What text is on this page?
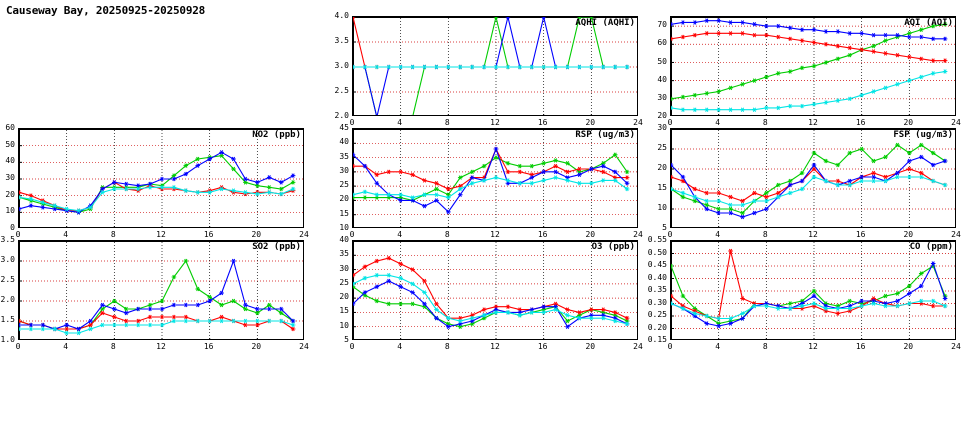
Causeway Bay, 20250925-20250928
AQHI (AQHI)
0	4	8	12	16	20	24
2.0
2.5
3.0
3.5
4.0
AQI (AQI)
0	4	8	12	16	20	24
20
30
40
50
60
70
NO2 (ppb)
0	4	8	12	16	20	24
0
10
20
30
40
50
60
RSP (ug/m3)
0	4	8	12	16	20	24
10
15
20
25
30
35
40
45
FSP (ug/m3)
0	4	8	12	16	20	24
5
10
15
20
25
30
SO2 (ppb)
0	4	8	12	16	20	24
1.0
1.5
2.0
2.5
3.0
3.5
O3 (ppb)
0	4	8	12	16	20	24
5
10
15
20
25
30
35
40
CO (ppm)
0	4	8	12	16	20	24
0.15
0.20
0.25
0.30
0.35
0.40
0.45
0.50
0.55
